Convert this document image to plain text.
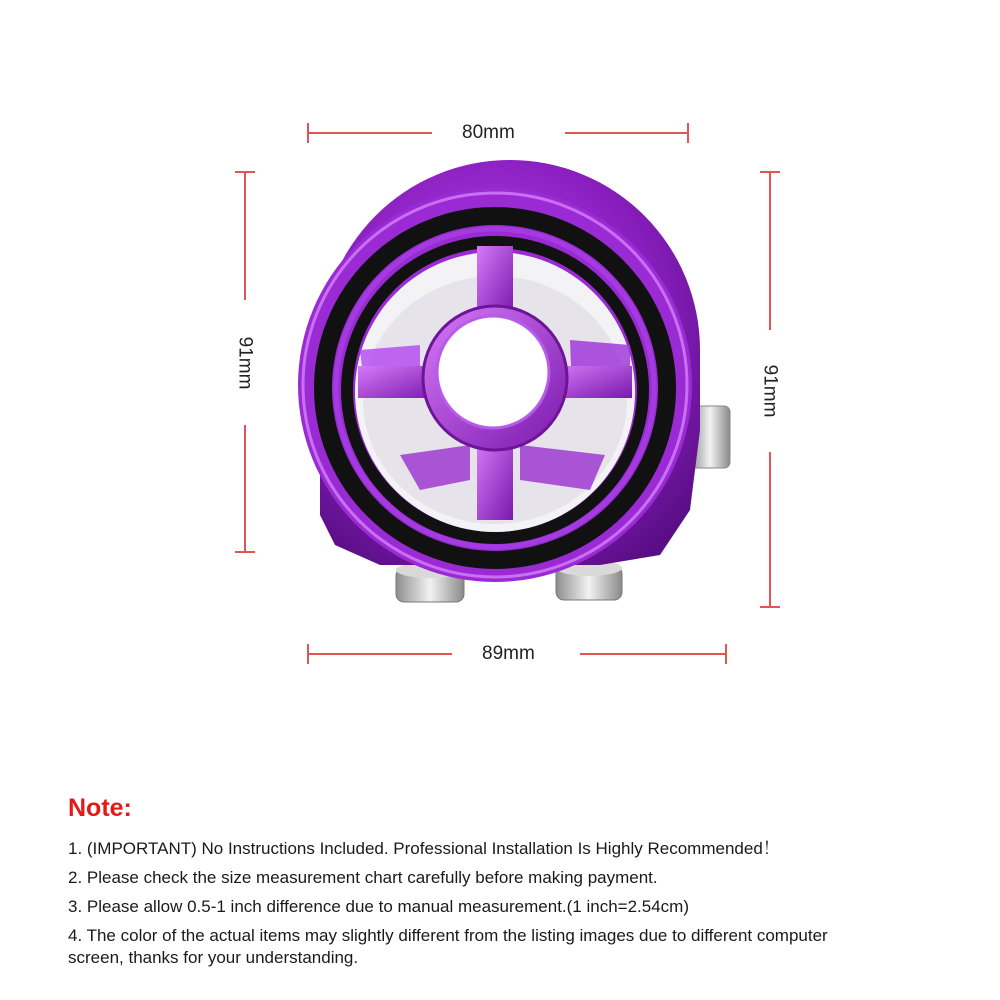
80mm
89mm
91mm
91mm
Note:
1. (IMPORTANT) No Instructions Included. Professional Installation Is Highly Recommended！
2. Please check the size measurement chart carefully before making payment.
3. Please allow 0.5-1 inch difference due to manual measurement.(1 inch=2.54cm)
4. The color of the actual items may slightly different from the listing images due to different computer
screen, thanks for your understanding.
